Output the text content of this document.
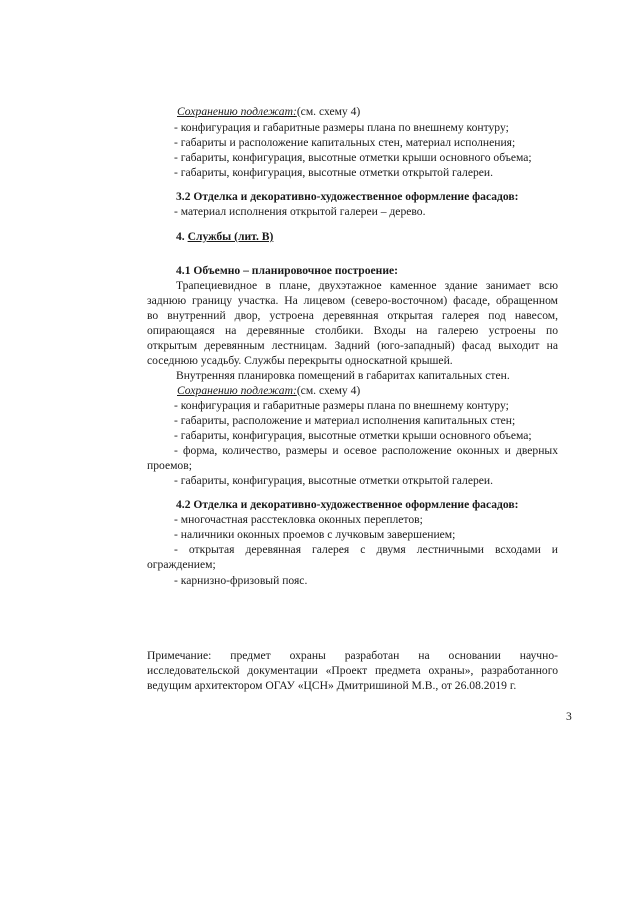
Сохранению подлежат:(см. схему 4)
- конфигурация и габаритные размеры плана по внешнему контуру;
- габариты и расположение капитальных стен, материал исполнения;
- габариты, конфигурация, высотные отметки крыши основного объема;
- габариты, конфигурация, высотные отметки открытой галереи.
3.2 Отделка и декоративно-художественное оформление фасадов:
- материал исполнения открытой галереи – дерево.
4. Службы (лит. В)
4.1 Объемно – планировочное построение:
Трапециевидное в плане, двухэтажное каменное здание занимает всю
заднюю границу участка. На лицевом (северо-восточном) фасаде, обращенном
во внутренний двор, устроена деревянная открытая галерея под навесом,
опирающаяся на деревянные столбики. Входы на галерею устроены по
открытым деревянным лестницам. Задний (юго-западный) фасад выходит на
соседнюю усадьбу. Службы перекрыты односкатной крышей.
Внутренняя планировка помещений в габаритах капитальных стен.
Сохранению подлежат:(см. схему 4)
- конфигурация и габаритные размеры плана по внешнему контуру;
- габариты, расположение и материал исполнения капитальных стен;
- габариты, конфигурация, высотные отметки крыши основного объема;
- форма, количество, размеры и осевое расположение оконных и дверных
проемов;
- габариты, конфигурация, высотные отметки открытой галереи.
4.2 Отделка и декоративно-художественное оформление фасадов:
- многочастная расстекловка оконных переплетов;
- наличники оконных проемов с лучковым завершением;
- открытая деревянная галерея с двумя лестничными всходами и
ограждением;
- карнизно-фризовый пояс.
Примечание: предмет охраны разработан на основании научно-
исследовательской документации «Проект предмета охраны», разработанного
ведущим архитектором ОГАУ «ЦСН» Дмитришиной М.В., от 26.08.2019 г.
3
